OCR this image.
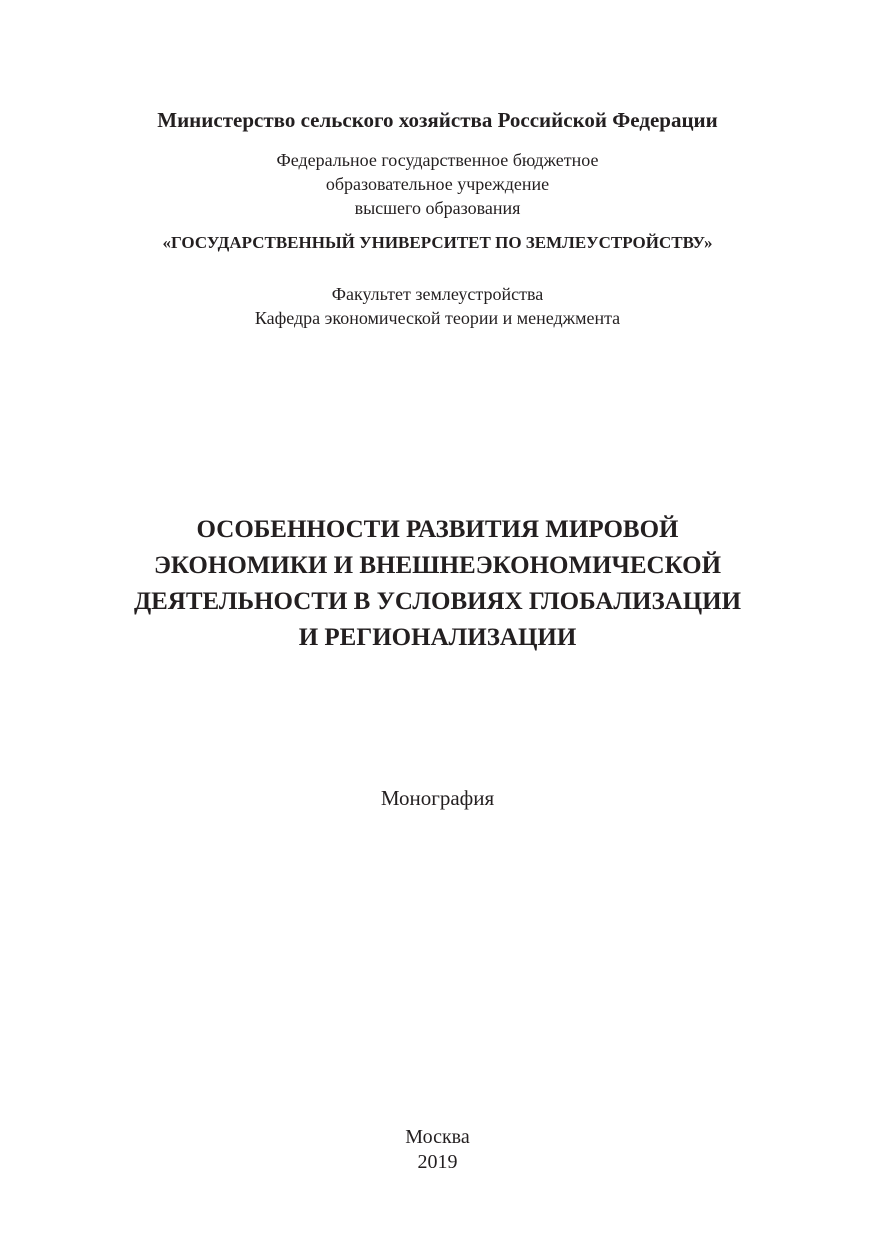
Министерство сельского хозяйства Российской Федерации
Федеральное государственное бюджетное
образовательное учреждение
высшего образования
«ГОСУДАРСТВЕННЫЙ УНИВЕРСИТЕТ ПО ЗЕМЛЕУСТРОЙСТВУ»
Факультет землеустройства
Кафедра экономической теории и менеджмента
ОСОБЕННОСТИ РАЗВИТИЯ МИРОВОЙ
ЭКОНОМИКИ И ВНЕШНЕЭКОНОМИЧЕСКОЙ
ДЕЯТЕЛЬНОСТИ В УСЛОВИЯХ ГЛОБАЛИЗАЦИИ
И РЕГИОНАЛИЗАЦИИ
Монография
Москва
2019
